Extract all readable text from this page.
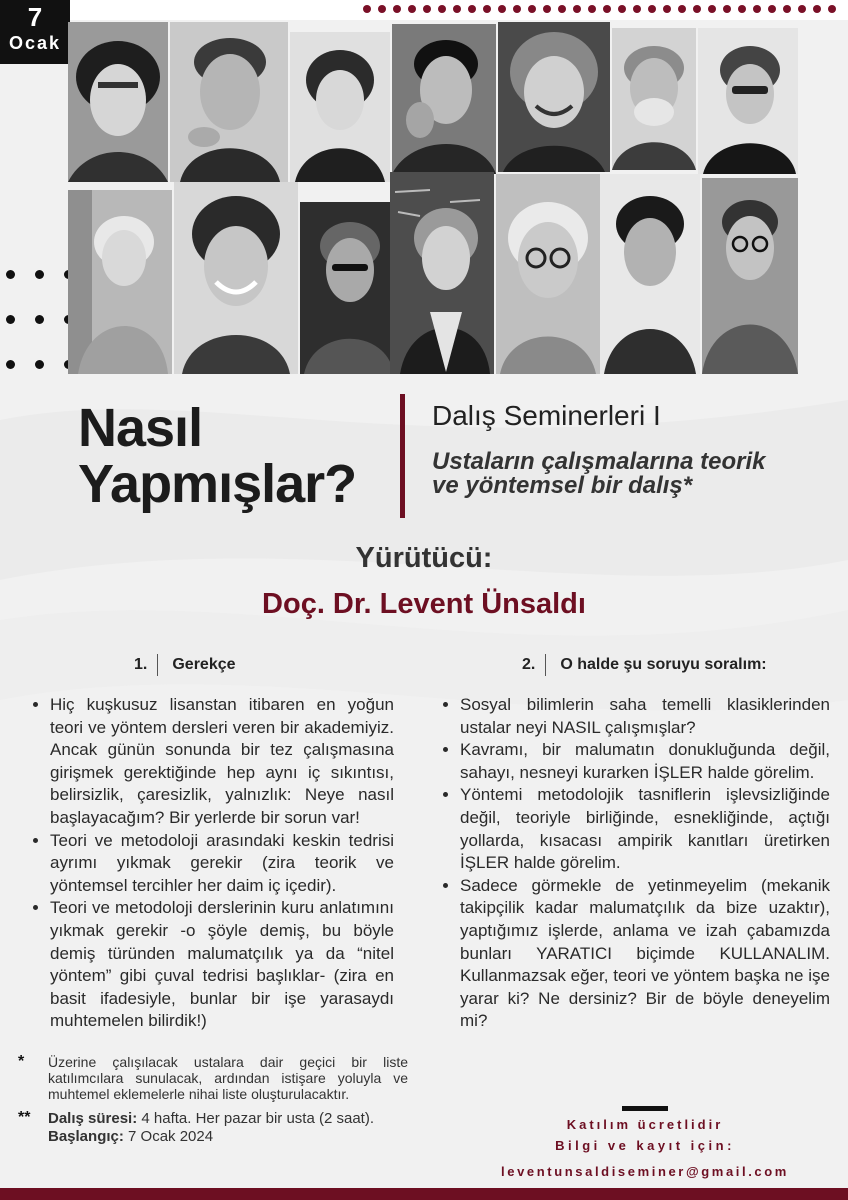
7
Ocak
Nasıl
Yapmışlar?
Dalış Seminerleri I
Ustaların çalışmalarına teorik
ve yöntemsel bir dalış*
Yürütücü:
Doç. Dr. Levent Ünsaldı
1.	Gerekçe	2.	O halde şu soruyu soralım:
• Hiç kuşkusuz lisanstan itibaren en yoğun teori ve yöntem dersleri veren bir akademiyiz. Ancak günün sonunda bir tez çalışmasına girişmek gerektiğinde hep aynı iç sıkıntısı, belirsizlik, çaresizlik, yalnızlık: Neye nasıl başlayacağım? Bir yerlerde bir sorun var!
• Teori ve metodoloji arasındaki keskin tedrisi ayrımı yıkmak gerekir (zira teorik ve yöntemsel tercihler her daim iç içedir).
• Teori ve metodoloji derslerinin kuru anlatımını yıkmak gerekir -o şöyle demiş, bu böyle demiş türünden malumatçılık ya da “nitel yöntem” gibi çuval tedrisi başlıklar- (zira en basit ifadesiyle, bunlar bir işe yarasaydı muhtemelen bilirdik!)
• Sosyal bilimlerin saha temelli klasiklerinden ustalar neyi NASIL çalışmışlar?
• Kavramı, bir malumatın donukluğunda değil, sahayı, nesneyi kurarken İŞLER halde görelim.
• Yöntemi metodolojik tasniflerin işlevsizliğinde değil, teoriyle birliğinde, esnekliğinde, açtığı yollarda, kısacası ampirik kanıtları üretirken İŞLER halde görelim.
• Sadece görmekle de yetinmeyelim (mekanik takipçilik kadar malumatçılık da bize uzaktır), yaptığımız işlerde, anlama ve izah çabamızda bunları YARATICI biçimde KULLANALIM. Kullanmazsak eğer, teori ve yöntem başka ne işe yarar ki? Ne dersiniz? Bir de böyle deneyelim mi?
*	Üzerine çalışılacak ustalara dair geçici bir liste katılımcılara sunulacak, ardından istişare yoluyla ve muhtemel eklemelerle nihai liste oluşturulacaktır.
**	Dalış süresi: 4 hafta. Her pazar bir usta (2 saat).
Başlangıç: 7 Ocak 2024
Katılım ücretlidir
Bilgi ve kayıt için:
leventunsaldiseminer@gmail.com
